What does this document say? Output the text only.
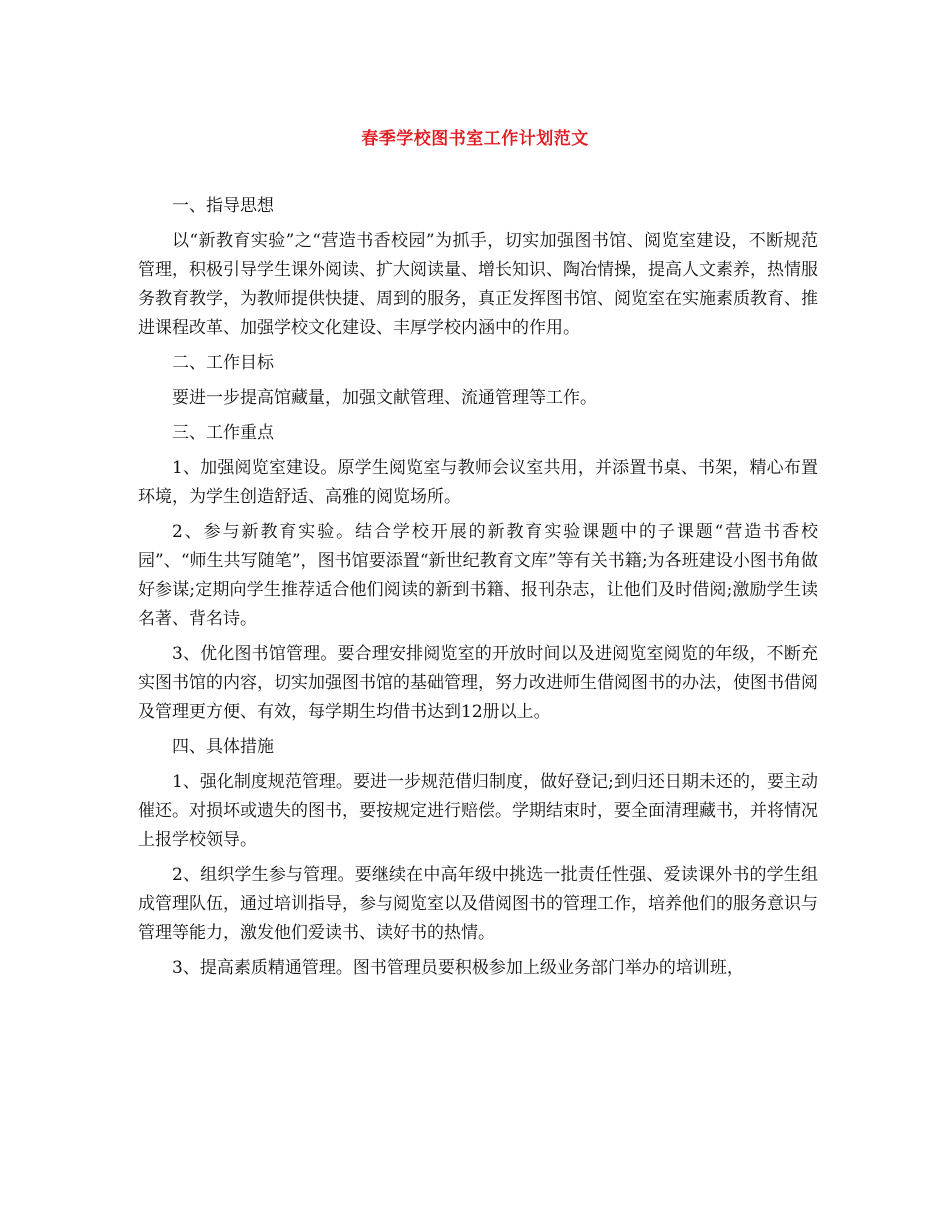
春季学校图书室工作计划范文

一、指导思想

以“新教育实验”之“营造书香校园”为抓手，切实加强图书馆、阅览室建设，不断规范管理，积极引导学生课外阅读、扩大阅读量、增长知识、陶冶情操，提高人文素养，热情服务教育教学，为教师提供快捷、周到的服务，真正发挥图书馆、阅览室在实施素质教育、推进课程改革、加强学校文化建设、丰厚学校内涵中的作用。

二、工作目标

要进一步提高馆藏量，加强文献管理、流通管理等工作。

三、工作重点

1、加强阅览室建设。原学生阅览室与教师会议室共用，并添置书桌、书架，精心布置环境，为学生创造舒适、高雅的阅览场所。

2、参与新教育实验。结合学校开展的新教育实验课题中的子课题“营造书香校园”、“师生共写随笔”，图书馆要添置“新世纪教育文库”等有关书籍;为各班建设小图书角做好参谋;定期向学生推荐适合他们阅读的新到书籍、报刊杂志，让他们及时借阅;激励学生读名著、背名诗。

3、优化图书馆管理。要合理安排阅览室的开放时间以及进阅览室阅览的年级，不断充实图书馆的内容，切实加强图书馆的基础管理，努力改进师生借阅图书的办法，使图书借阅及管理更方便、有效，每学期生均借书达到12册以上。

四、具体措施

1、强化制度规范管理。要进一步规范借归制度，做好登记;到归还日期未还的，要主动催还。对损坏或遗失的图书，要按规定进行赔偿。学期结束时，要全面清理藏书，并将情况上报学校领导。

2、组织学生参与管理。要继续在中高年级中挑选一批责任性强、爱读课外书的学生组成管理队伍，通过培训指导，参与阅览室以及借阅图书的管理工作，培养他们的服务意识与管理等能力，激发他们爱读书、读好书的热情。

3、提高素质精通管理。图书管理员要积极参加上级业务部门举办的培训班，
